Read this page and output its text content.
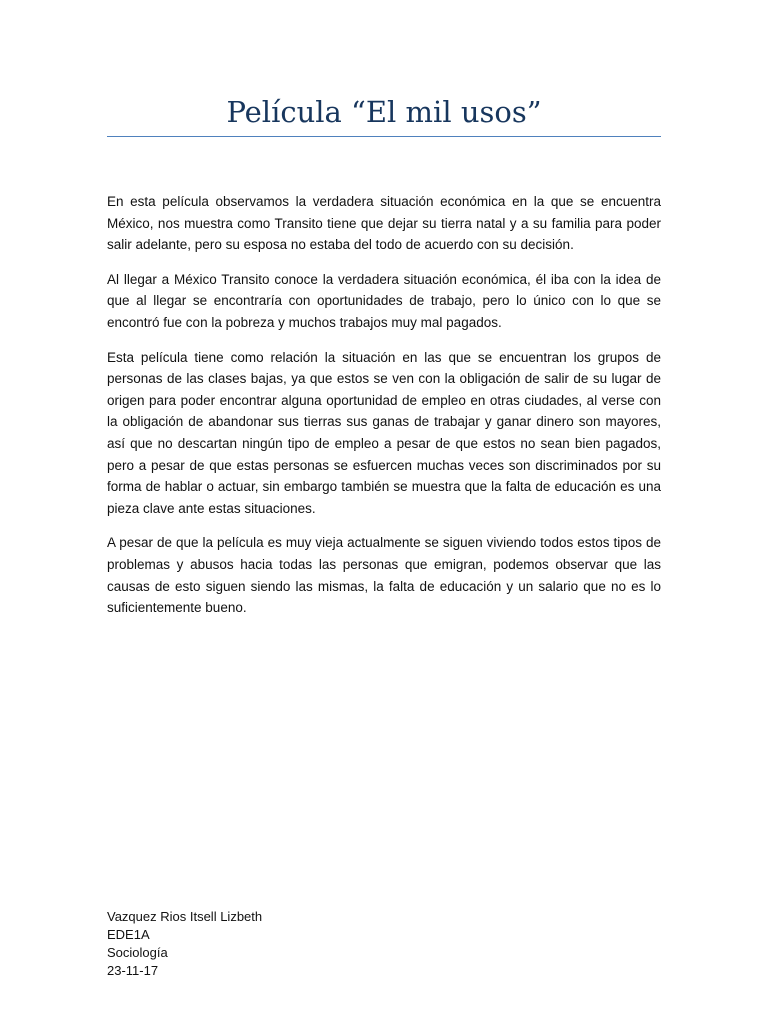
Película “El mil usos”

En esta película observamos la verdadera situación económica en la que se encuentra México, nos muestra como Transito tiene que dejar su tierra natal y a su familia para poder salir adelante, pero su esposa no estaba del todo de acuerdo con su decisión.

Al llegar a México Transito conoce la verdadera situación económica, él iba con la idea de que al llegar se encontraría con oportunidades de trabajo, pero lo único con lo que se encontró fue con la pobreza y muchos trabajos muy mal pagados.

Esta película tiene como relación la situación en las que se encuentran los grupos de personas de las clases bajas, ya que estos se ven con la obligación de salir de su lugar de origen para poder encontrar alguna oportunidad de empleo en otras ciudades, al verse con la obligación de abandonar sus tierras sus ganas de trabajar y ganar dinero son mayores, así que no descartan ningún tipo de empleo a pesar de que estos no sean bien pagados, pero a pesar de que estas personas se esfuercen muchas veces son discriminados por su forma de hablar o actuar, sin embargo también se muestra que la falta de educación es una pieza clave ante estas situaciones.

A pesar de que la película es muy vieja actualmente se siguen viviendo todos estos tipos de problemas y abusos hacia todas las personas que emigran, podemos observar que las causas de esto siguen siendo las mismas, la falta de educación y un salario que no es lo suficientemente bueno.

Vazquez Rios Itsell Lizbeth
EDE1A
Sociología
23-11-17
